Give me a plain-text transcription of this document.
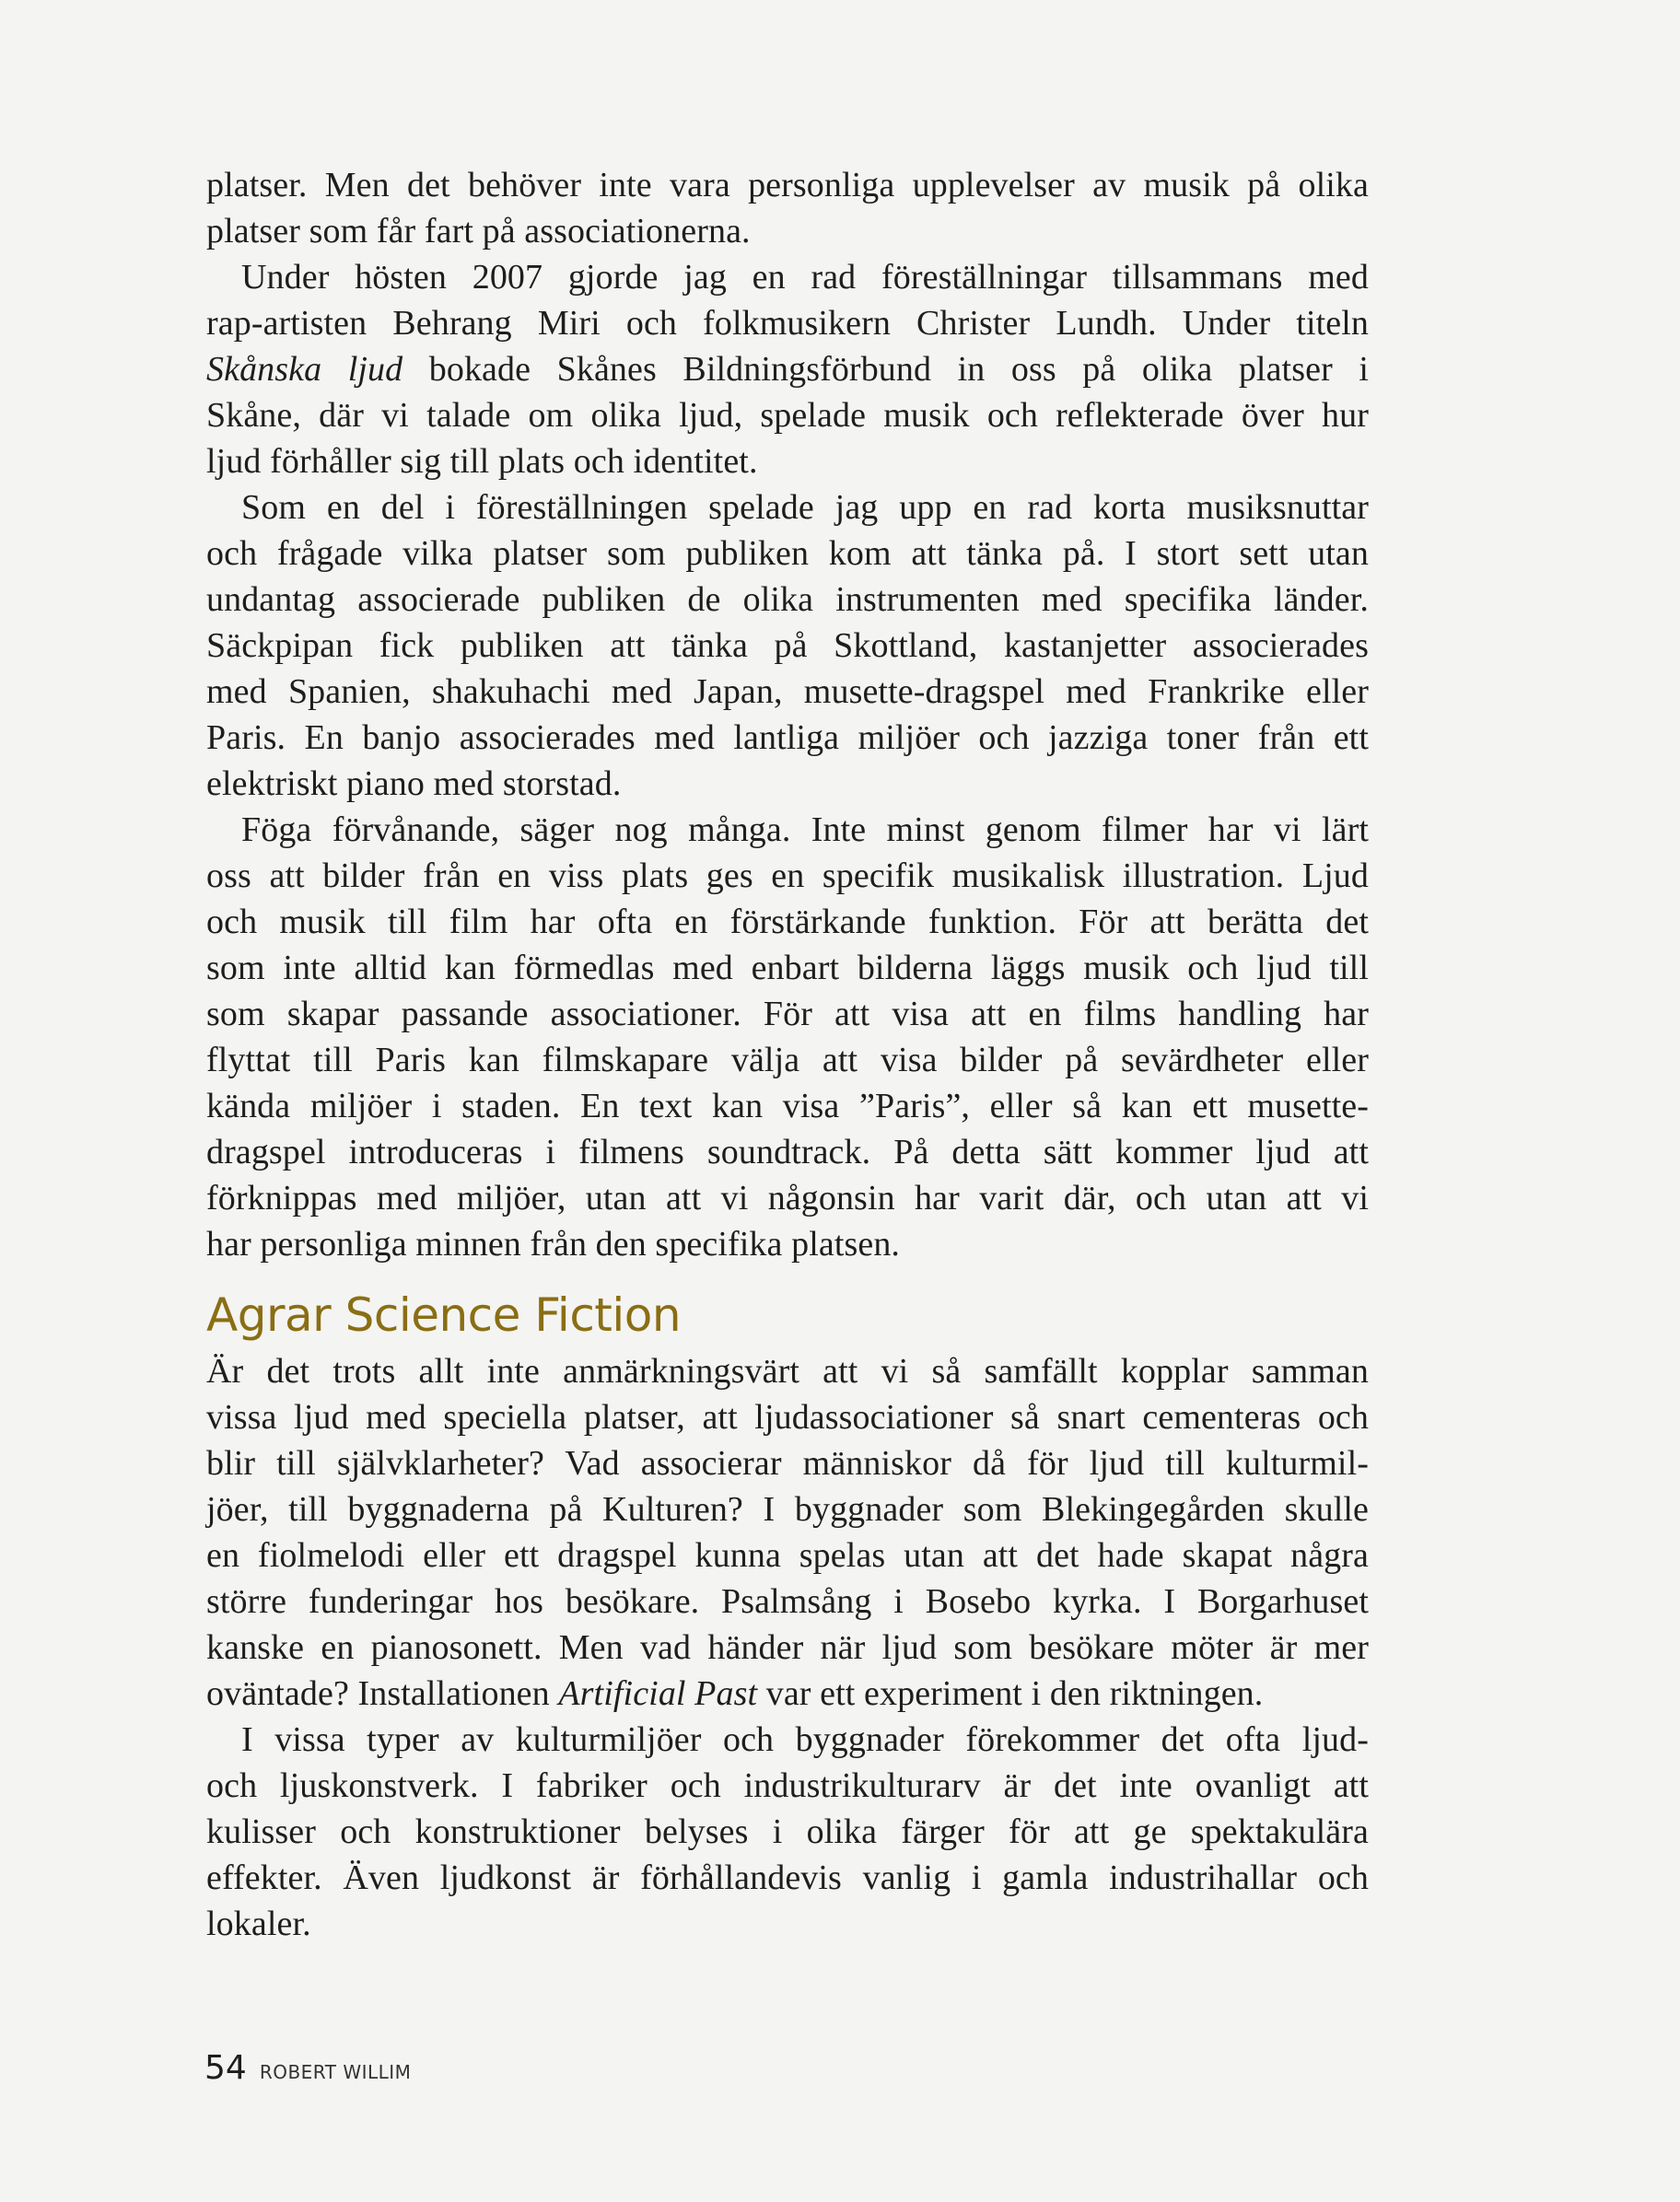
platser. Men det behöver inte vara personliga upplevelser av musik på olika
platser som får fart på associationerna.
Under hösten 2007 gjorde jag en rad föreställningar tillsammans med
rap-artisten Behrang Miri och folkmusikern Christer Lundh. Under titeln
Skånska ljud bokade Skånes Bildningsförbund in oss på olika platser i
Skåne, där vi talade om olika ljud, spelade musik och reflekterade över hur
ljud förhåller sig till plats och identitet.
Som en del i föreställningen spelade jag upp en rad korta musiksnuttar
och frågade vilka platser som publiken kom att tänka på. I stort sett utan
undantag associerade publiken de olika instrumenten med specifika länder.
Säckpipan fick publiken att tänka på Skottland, kastanjetter associerades
med Spanien, shakuhachi med Japan, musette-dragspel med Frankrike eller
Paris. En banjo associerades med lantliga miljöer och jazziga toner från ett
elektriskt piano med storstad.
Föga förvånande, säger nog många. Inte minst genom filmer har vi lärt
oss att bilder från en viss plats ges en specifik musikalisk illustration. Ljud
och musik till film har ofta en förstärkande funktion. För att berätta det
som inte alltid kan förmedlas med enbart bilderna läggs musik och ljud till
som skapar passande associationer. För att visa att en films handling har
flyttat till Paris kan filmskapare välja att visa bilder på sevärdheter eller
kända miljöer i staden. En text kan visa ”Paris”, eller så kan ett musette-
dragspel introduceras i filmens soundtrack. På detta sätt kommer ljud att
förknippas med miljöer, utan att vi någonsin har varit där, och utan att vi
har personliga minnen från den specifika platsen.
Agrar Science Fiction
Är det trots allt inte anmärkningsvärt att vi så samfällt kopplar samman
vissa ljud med speciella platser, att ljudassociationer så snart cementeras och
blir till självklarheter? Vad associerar människor då för ljud till kulturmil-
jöer, till byggnaderna på Kulturen? I byggnader som Blekingegården skulle
en fiolmelodi eller ett dragspel kunna spelas utan att det hade skapat några
större funderingar hos besökare. Psalmsång i Bosebo kyrka. I Borgarhuset
kanske en pianosonett. Men vad händer när ljud som besökare möter är mer
oväntade? Installationen Artificial Past var ett experiment i den riktningen.
I vissa typer av kulturmiljöer och byggnader förekommer det ofta ljud-
och ljuskonstverk. I fabriker och industrikulturarv är det inte ovanligt att
kulisser och konstruktioner belyses i olika färger för att ge spektakulära
effekter. Även ljudkonst är förhållandevis vanlig i gamla industrihallar och
lokaler.
54 ROBERT WILLIM
